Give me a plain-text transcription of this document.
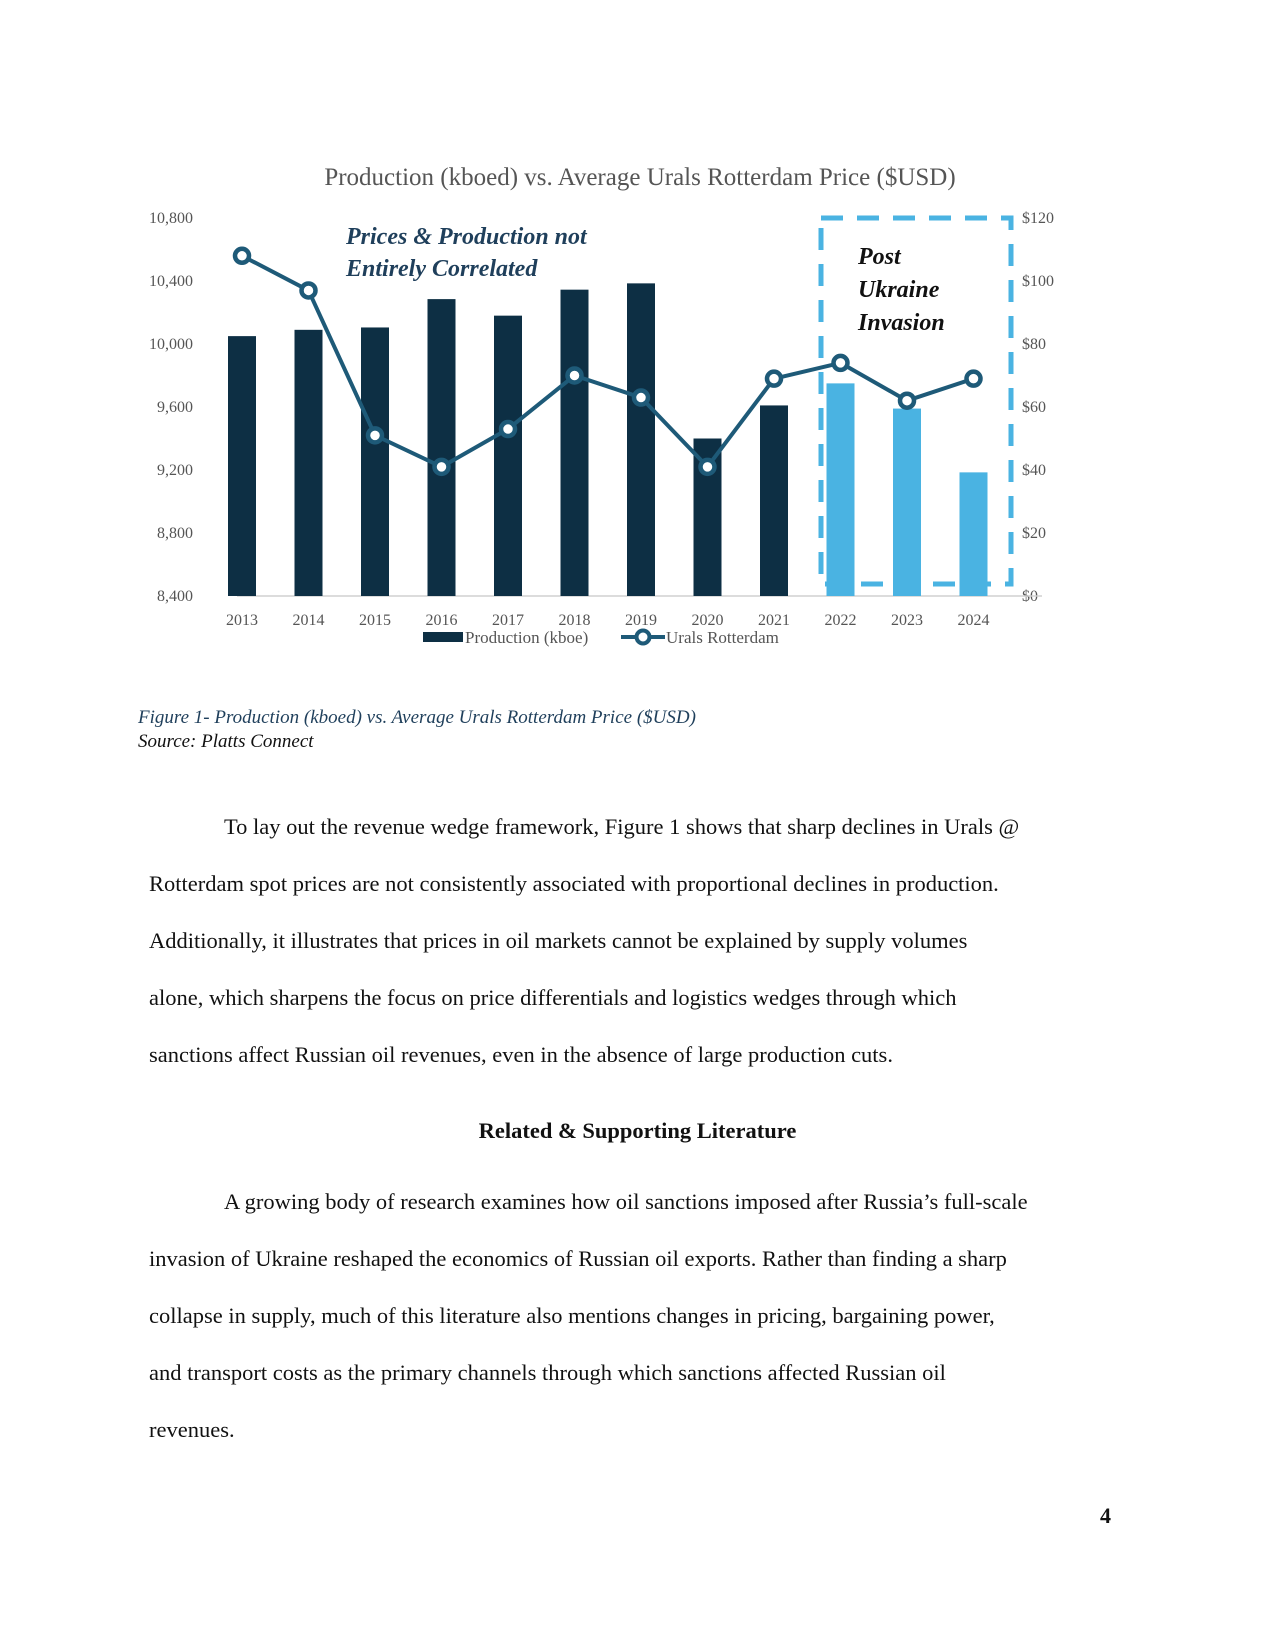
Production (kboed) vs. Average Urals Rotterdam Price ($USD)
10,800
10,400
10,000
9,600
9,200
8,800
8,400
$120
$100
$80
$60
$40
$20
$0
2013 2014 2015 2016 2017 2018 2019 2020 2021 2022 2023 2024
Prices & Production not
Entirely Correlated	Post
Ukraine
Invasion
Production (kboe)	Urals Rotterdam
Figure 1- Production (kboed) vs. Average Urals Rotterdam Price ($USD)
Source: Platts Connect

To lay out the revenue wedge framework, Figure 1 shows that sharp declines in Urals @
Rotterdam spot prices are not consistently associated with proportional declines in production.
Additionally, it illustrates that prices in oil markets cannot be explained by supply volumes
alone, which sharpens the focus on price differentials and logistics wedges through which
sanctions affect Russian oil revenues, even in the absence of large production cuts.

Related & Supporting Literature

A growing body of research examines how oil sanctions imposed after Russia’s full-scale
invasion of Ukraine reshaped the economics of Russian oil exports. Rather than finding a sharp
collapse in supply, much of this literature also mentions changes in pricing, bargaining power,
and transport costs as the primary channels through which sanctions affected Russian oil
revenues.

4
